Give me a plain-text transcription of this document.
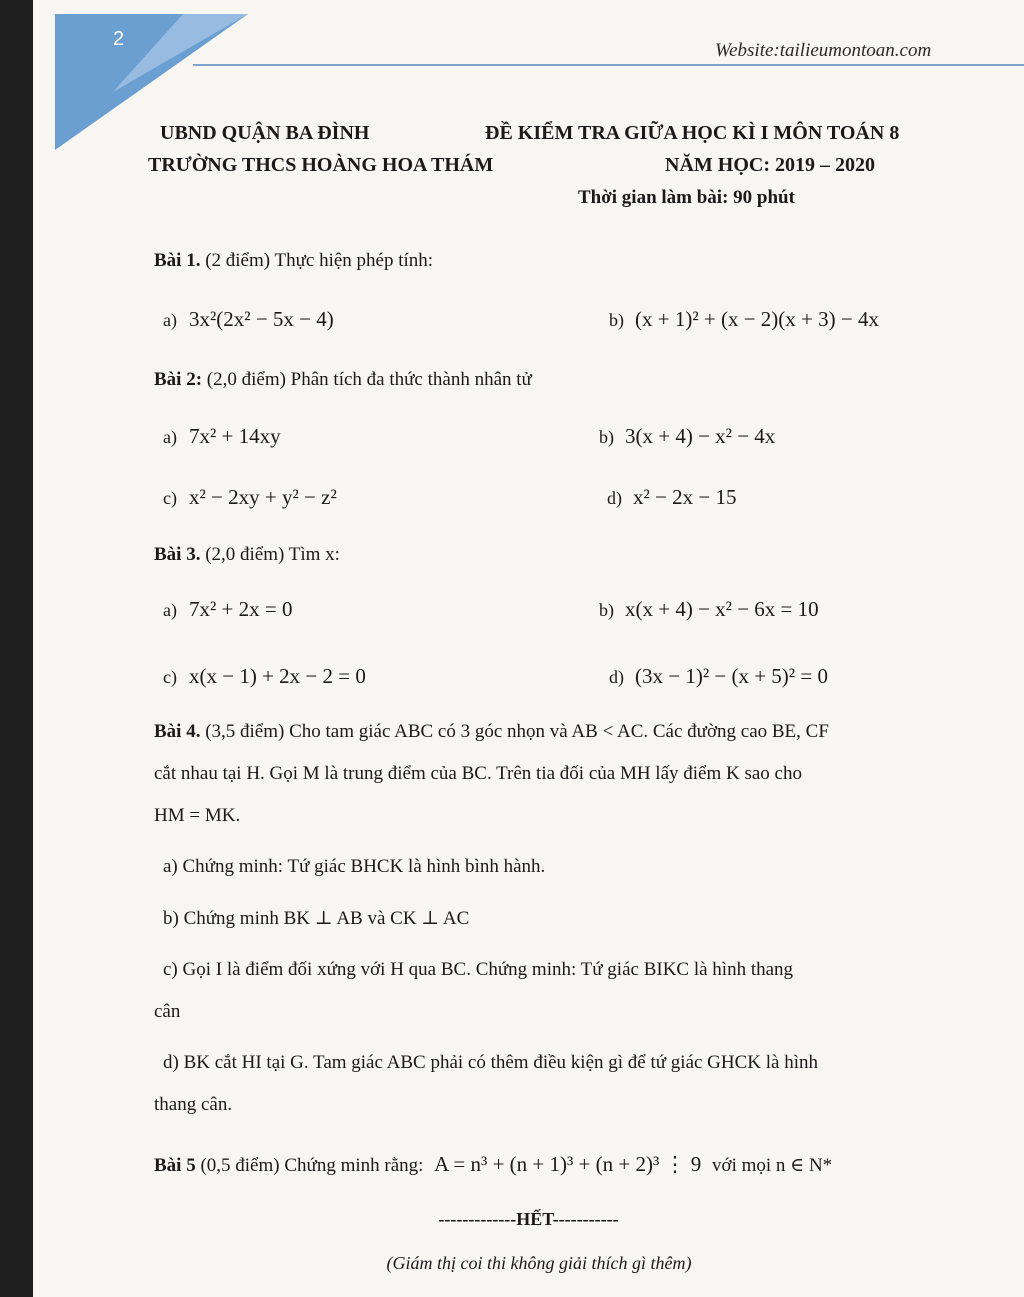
2
Website:tailieumontoan.com
UBND QUẬN BA ĐÌNH
TRƯỜNG THCS HOÀNG HOA THÁM
ĐỀ KIỂM TRA GIỮA HỌC KÌ I MÔN TOÁN 8
NĂM HỌC: 2019 – 2020
Thời gian làm bài: 90 phút
Bài 1. (2 điểm) Thực hiện phép tính:
a) 3x²(2x² − 5x − 4)	b) (x + 1)² + (x − 2)(x + 3) − 4x
Bài 2: (2,0 điểm) Phân tích đa thức thành nhân tử
a) 7x² + 14xy	b) 3(x + 4) − x² − 4x
c) x² − 2xy + y² − z²	d) x² − 2x − 15
Bài 3. (2,0 điểm) Tìm x:
a) 7x² + 2x = 0	b) x(x + 4) − x² − 6x = 10
c) x(x − 1) + 2x − 2 = 0	d) (3x − 1)² − (x + 5)² = 0
Bài 4. (3,5 điểm) Cho tam giác ABC có 3 góc nhọn và AB < AC. Các đường cao BE, CF
cắt nhau tại H. Gọi M là trung điểm của BC. Trên tia đối của MH lấy điểm K sao cho
HM = MK.
a) Chứng minh: Tứ giác BHCK là hình bình hành.
b) Chứng minh BK ⊥ AB và CK ⊥ AC
c) Gọi I là điểm đối xứng với H qua BC. Chứng minh: Tứ giác BIKC là hình thang
cân
d) BK cắt HI tại G. Tam giác ABC phải có thêm điều kiện gì để tứ giác GHCK là hình
thang cân.
Bài 5 (0,5 điểm) Chứng minh rằng: A = n³ + (n + 1)³ + (n + 2)³ ⋮ 9 với mọi n ∈ N*
-------------HẾT-----------
(Giám thị coi thi không giải thích gì thêm)
